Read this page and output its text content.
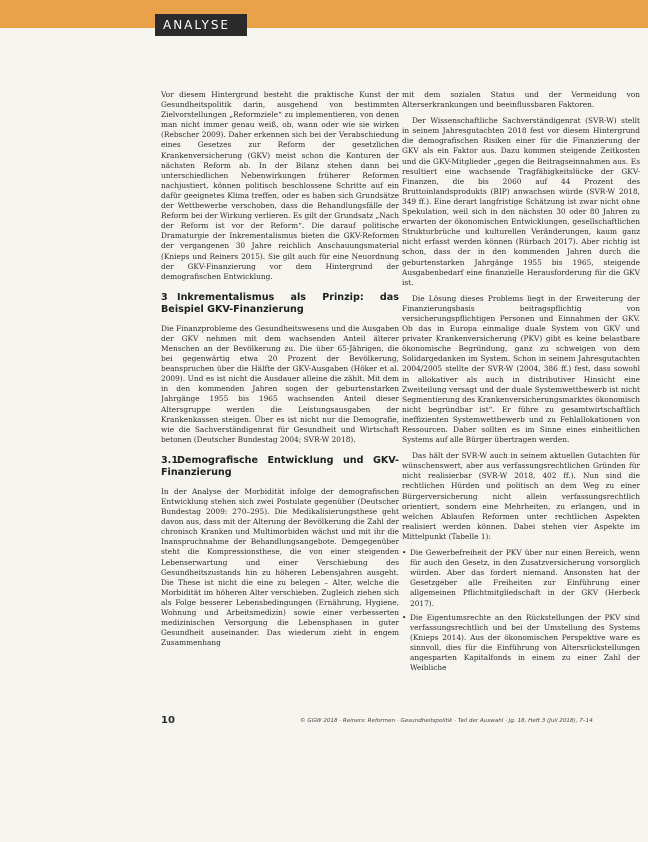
ANALYSE

Vor diesem Hintergrund besteht die praktische Kunst der Gesundheitspolitik darin, ausgehend von bestimmten Zielvorstellungen „Reformziele“ zu implementieren, von denen man nicht immer genau weiß, ob, wann oder wie sie wirken (Rebscher 2009). Daher erkennen sich bei der Verabschiedung eines Gesetzes zur Reform der gesetzlichen Krankenversicherung (GKV) meist schon die Konturen der nächsten Reform ab. In der Bilanz stehen dann bei unterschiedlichen Nebenwirkungen früherer Reformen nachjustiert, können politisch beschlossene Schritte auf ein dafür geeignetes Klima treffen, oder es haben sich Grundsätze der Wettbewerbe verschoben, dass die Behandlungsfälle der Reform bei der Wirkung verlieren. Es gilt der Grundsatz „Nach der Reform ist vor der Reform“. Die darauf politische Dramaturgie der Inkrementalismus bieten die GKV-Reformen der vergangenen 30 Jahre reichlich Anschauungsmaterial (Knieps und Reiners 2015). Sie gilt auch für eine Neuordnung der GKV-Finanzierung vor dem Hintergrund der demografischen Entwicklung.

3 Inkrementalismus als Prinzip: das Beispiel GKV-Finanzierung

Die Finanzprobleme des Gesundheitswesens und die Ausgaben der GKV nehmen mit dem wachsenden Anteil älterer Menschen an der Bevölkerung zu. Die über 65-Jährigen, die bei gegenwärtig etwa 20 Prozent der Bevölkerung, beanspruchen über die Hälfte der GKV-Ausgaben (Höker et al. 2009). Und es ist nicht die Ausdauer alleine die zählt. Mit dem in den kommenden Jahren sogen der geburtenstarken Jahrgänge 1955 bis 1965 wachsenden Anteil dieser Altersgruppe werden die Leistungsausgaben der Krankenkassen steigen. Über es ist nicht nur die Demografie, wie die Sachverständigenrat für Gesundheit und Wirtschaft betonen (Deutscher Bundestag 2004; SVR-W 2018).

3.1Demografische Entwicklung und GKV-Finanzierung

In der Analyse der Morbidität infolge der demografischen Entwicklung stehen sich zwei Postulate gegenüber (Deutscher Bundestag 2009: 270–295). Die Medikalisierungsthese geht davon aus, dass mit der Alterung der Bevölkerung die Zahl der chronisch Kranken und Multimorbiden wächst und mit ihr die Inanspruchnahme der Behandlungsangebote. Demgegenüber steht die Kompressionsthese, die von einer steigenden Lebenserwartung und einer Verschiebung des Gesundheitszustands hin zu höheren Lebensjahren ausgeht. Die These ist nicht die eine zu belegen – Alter, welche die Morbidität im höheren Alter verschieben. Zugleich ziehen sich als Folge besserer Lebensbedingungen (Ernährung, Hygiene, Wohnung und Arbeitsmedizin) sowie einer verbesserten medizinischen Versorgung die Lebensphasen in guter Gesundheit auseinander. Das wiederum zieht in engem Zusammenhang

mit dem sozialen Status und der Vermeidung von Alterserkrankungen und beeinflussbaren Faktoren.

Der Wissenschaftliche Sachverständigenrat (SVR-W) stellt in seinem Jahresgutachten 2018 fest vor diesem Hintergrund die demografischen Risiken einer für die Finanzierung der GKV als ein Faktor aus. Dazu kommen steigende Zeitkosten und die GKV-Mitglieder „gegen die Beitragseinnahmen aus. Es resultiert eine wachsende Tragfähigkeitslücke der GKV-Finanzen, die bis 2060 auf 44 Prozent des Bruttoinlandsprodukts (BIP) anwachsen würde (SVR-W 2018, 349 ff.). Eine derart langfristige Schätzung ist zwar nicht ohne Spekulation, weil sich in den nächsten 30 oder 80 Jahren zu erwarten der ökonomischen Entwicklungen, gesellschaftlichen Strukturbrüche und kulturellen Veränderungen, kaum ganz nicht erfasst werden können (Rürbach 2017). Aber richtig ist schon, dass der in den kommenden Jahren durch die geburtenstarken Jahrgänge 1955 bis 1965, steigende Ausgabenbedarf eine finanzielle Herausforderung für die GKV ist.

Die Lösung dieses Problems liegt in der Erweiterung der Finanzierungsbasis beitragspflichtig von versicherungspflichtigen Personen und Einnahmen der GKV. Ob das in Europa einmalige duale System von GKV und privater Krankenversicherung (PKV) gibt es keine belastbare ökonomische Begründung, ganz zu schweigen von dem Solidargedanken im System. Schon in seinem Jahresgutachten 2004/2005 stellte der SVR-W (2004, 386 ff.) fest, dass sowohl in allokativer als auch in distributiver Hinsicht eine Zweiteilung versagt und der duale Systemwettbewerb ist nicht Segmentierung des Krankenversicherungsmarktes ökonomisch nicht begründbar ist“. Er führe zu gesamtwirtschaftlich ineffizienten Systemwettbewerb und zu Fehlallokationen von Ressourcen. Daher sollten es im Sinne eines einheitlichen Systems auf alle Bürger übertragen werden.

Das hält der SVR-W auch in seinem aktuellen Gutachten für wünschenswert, aber aus verfassungsrechtlichen Gründen für nicht realisierbar (SVR-W 2018, 402 ff.). Nun sind die rechtlichen Hürden und politisch an dem Weg zu einer Bürgerversicherung nicht allein verfassungsrechtlich orientiert, sondern eine Mehrheiten, zu erlangen, und in welchen Ablaufen Reformen unter rechtlichen Aspekten realisiert werden können. Dabei stehen vier Aspekte im Mittelpunkt (Tabelle 1):

• Die Gewerbefreiheit der PKV über nur einen Bereich, wenn für auch den Gesetz, in den Zusatzversicherung vorsorglich würden. Aber das fordert niemand. Ansonsten hat der Gesetzgeber alle Freiheiten zur Einführung einer allgemeinen Pflichtmitgliedschaft in der GKV (Herbeck 2017).
• Die Eigentumsrechte an den Rückstellungen der PKV sind verfassungsrechtlich und bei der Umstellung des Systems (Knieps 2014). Aus der ökonomischen Perspektive ware es sinnvoll, dies für die Einführung von Altersrückstellungen angesparten Kapitalfonds in einem zu einer Zahl der Weibliche
10	© GGW 2018 · Reiners: Reformen · Gesundheitspolitik · Teil der Auswahl · Jg. 18, Heft 3 (Juli 2018), 7–14
